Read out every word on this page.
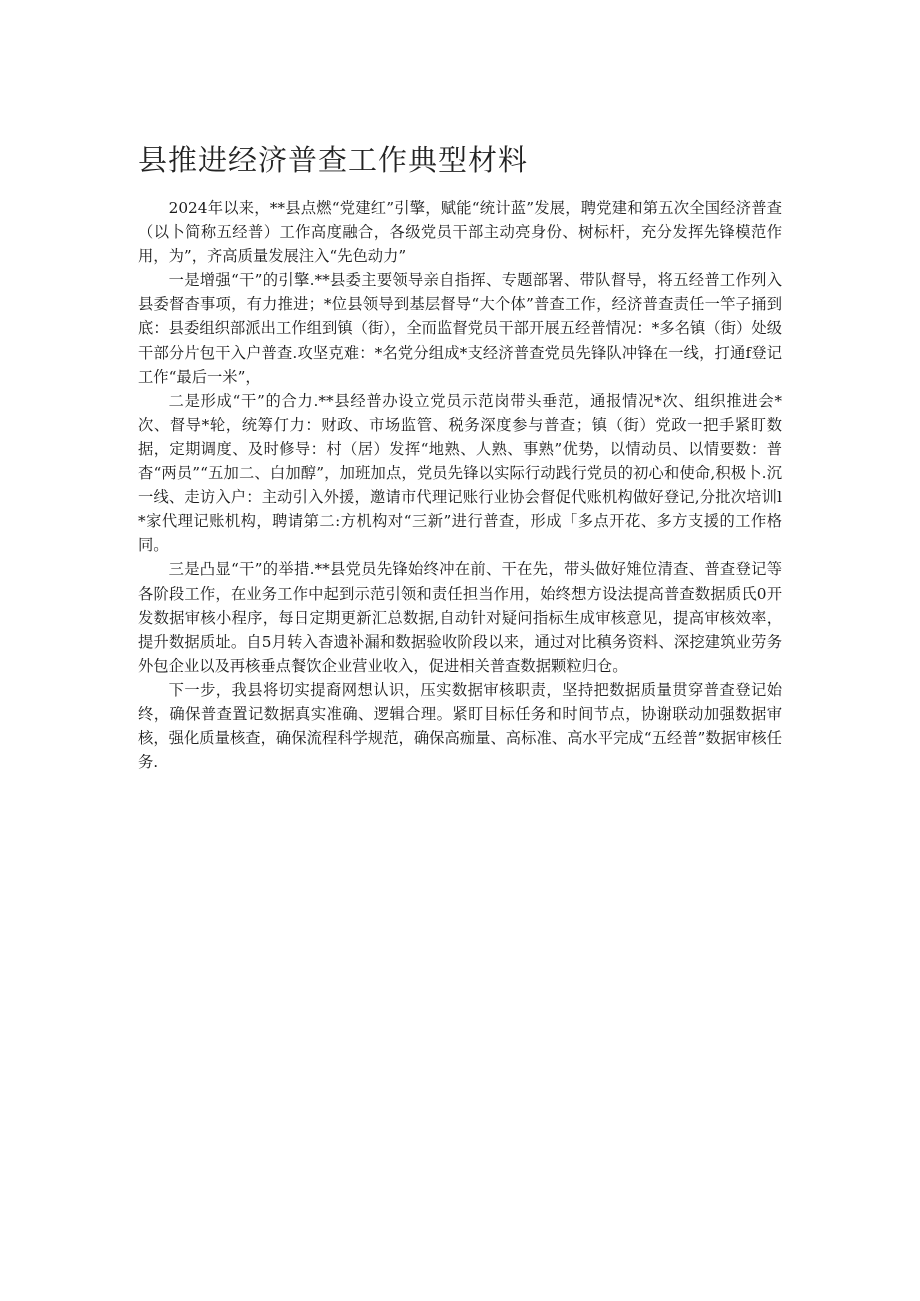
县推进经济普查工作典型材料

2024年以来，**县点燃“党建红”引擎，赋能“统计蓝”发展，聘党建和第五次全国经济普查（以卜简称五经普）工作高度融合，各级党员干部主动亮身份、树标杆，充分发挥先锋模范作用，为”，齐高质量发展注入“先色动力”

一是增强“干”的引擎.**县委主要领导亲自指挥、专题部署、带队督导，将五经普工作列入县委督杳事项，有力推进；*位县领导到基层督导“大个体”普查工作，经济普查责任一竿子捅到底：县委组织部派出工作组到镇（街），全而监督党员干部开展五经普情况：*多名镇（街）处级干部分片包干入户普查.攻坚克难：*名党分组成*支经济普查党员先锋队冲锋在一线，打通f登记工作“最后一米”，

二是形成“干”的合力.**县经普办设立党员示范岗带头垂范，通报情况*次、组织推进会*次、督导*轮，统筹仃力：财政、市场监管、税务深度参与普查；镇（街）党政一把手紧盯数据，定期调度、及时修导：村（居）发挥“地熟、人熟、事熟”优势，以情动员、以情要数：普杳“两员”“五加二、白加醇”，加班加点，党员先锋以实际行动践行党员的初心和使命,积极卜.沉一线、走访入户：主动引入外援，邀请市代理记账行业协会督促代账机构做好登记,分批次培训l*家代理记账机构，聘请第二:方机构对“三新”进行普查，形成「多点开花、多方支援的工作格同。

三是凸显“干”的举措.**县党员先锋始终冲在前、干在先，带头做好雉位清查、普查登记等各阶段工作，在业务工作中起到示范引领和责任担当作用，始终想方设法提高普查数据质氏0开发数据审核小程序，每日定期更新汇总数据,自动针对疑问指标生成审核意见，提高审核效率，提升数据质址。自5月转入杳遗补漏和数据验收阶段以来，通过对比稹务资料、深挖建筑业劳务外包企业以及再核垂点餐饮企业营业收入，促进相关普查数据颗粒归仓。

下一步，我县将切实提裔网想认识，压实数据审核职责，坚持把数据质量贯穿普查登记始终，确保普查置记数据真实准确、逻辑合理。紧盯目标任务和时间节点，协谢联动加强数据审核，强化质量核查，确保流程科学规范，确保高痂量、高标准、高水平完成“五经普”数据审核任务.
